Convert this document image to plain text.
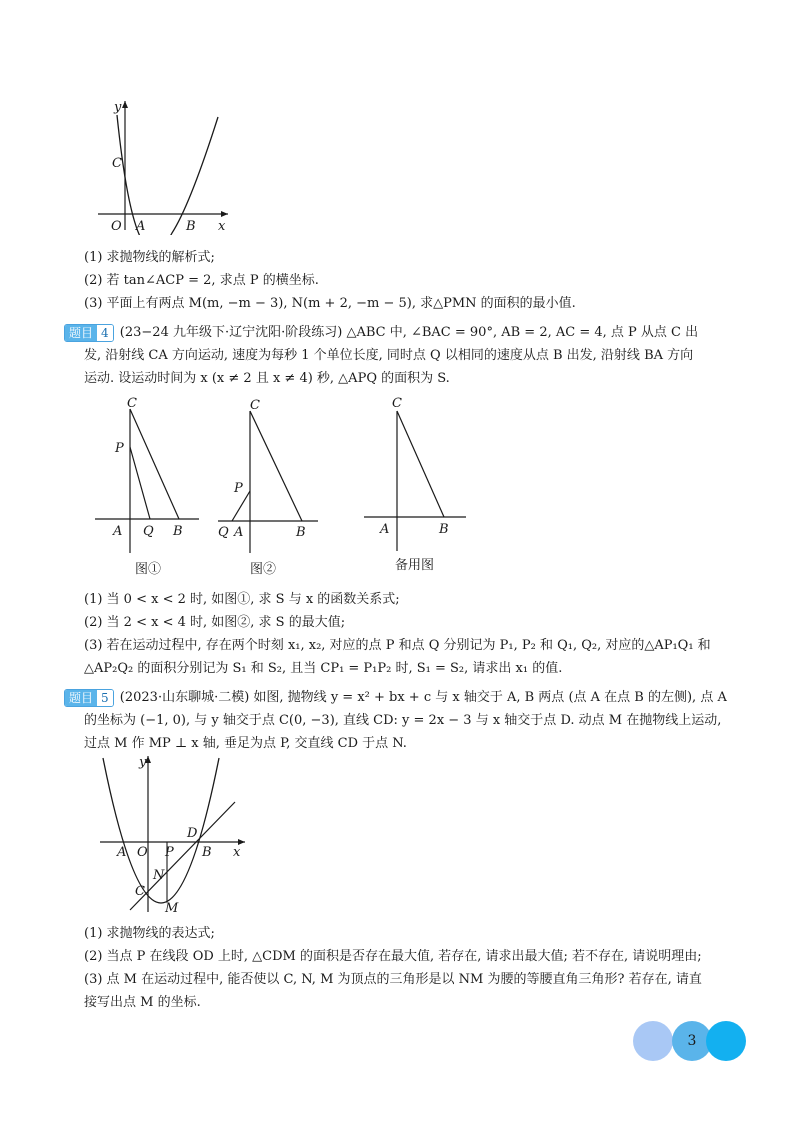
y
C
O A	B x
(1) 求抛物线的解析式;
(2) 若 tan∠ACP = 2, 求点 P 的横坐标.
(3) 平面上有两点 M(m, −m − 3), N(m + 2, −m − 5), 求△PMN 的面积的最小值.
题目 4 (23−24 九年级下·辽宁沈阳·阶段练习) △ABC 中, ∠BAC = 90°, AB = 2, AC = 4, 点 P 从点 C 出
发, 沿射线 CA 方向运动, 速度为每秒 1 个单位长度, 同时点 Q 以相同的速度从点 B 出发, 沿射线 BA 方向
运动. 设运动时间为 x (x ≠ 2 且 x ≠ 4) 秒, △APQ 的面积为 S.
C
P
A Q B
图①
C
P
Q A	B
图②
C
A	B
备用图
(1) 当 0 < x < 2 时, 如图①, 求 S 与 x 的函数关系式;
(2) 当 2 < x < 4 时, 如图②, 求 S 的最大值;
(3) 若在运动过程中, 存在两个时刻 x₁, x₂, 对应的点 P 和点 Q 分别记为 P₁, P₂ 和 Q₁, Q₂, 对应的△AP₁Q₁ 和
△AP₂Q₂ 的面积分别记为 S₁ 和 S₂, 且当 CP₁ = P₁P₂ 时, S₁ = S₂, 请求出 x₁ 的值.
题目 5 (2023·山东聊城·二模) 如图, 抛物线 y = x² + bx + c 与 x 轴交于 A, B 两点 (点 A 在点 B 的左侧), 点 A
的坐标为 (−1, 0), 与 y 轴交于点 C(0, −3), 直线 CD: y = 2x − 3 与 x 轴交于点 D. 动点 M 在抛物线上运动,
过点 M 作 MP ⊥ x 轴, 垂足为点 P, 交直线 CD 于点 N.
y
A O P
D
B x
N
C
M
(1) 求抛物线的表达式;
(2) 当点 P 在线段 OD 上时, △CDM 的面积是否存在最大值, 若存在, 请求出最大值; 若不存在, 请说明理由;
(3) 点 M 在运动过程中, 能否使以 C, N, M 为顶点的三角形是以 NM 为腰的等腰直角三角形? 若存在, 请直
接写出点 M 的坐标.
3
